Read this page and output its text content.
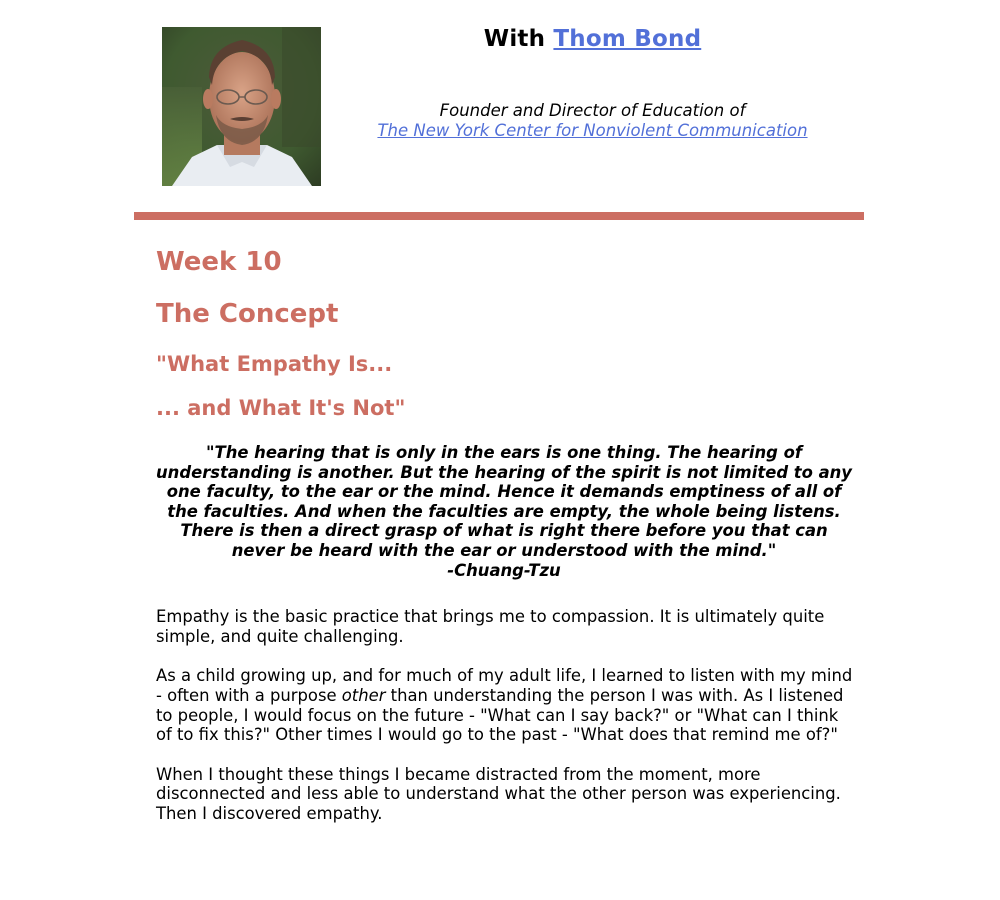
With Thom Bond
Founder and Director of Education of
The New York Center for Nonviolent Communication
Week 10
The Concept
"What Empathy Is...
... and What It's Not"
"The hearing that is only in the ears is one thing. The hearing of understanding is another. But the hearing of the spirit is not limited to any one faculty, to the ear or the mind. Hence it demands emptiness of all of the faculties. And when the faculties are empty, the whole being listens. There is then a direct grasp of what is right there before you that can never be heard with the ear or understood with the mind."
-Chuang-Tzu

Empathy is the basic practice that brings me to compassion. It is ultimately quite simple, and quite challenging.

As a child growing up, and for much of my adult life, I learned to listen with my mind - often with a purpose other than understanding the person I was with. As I listened to people, I would focus on the future - "What can I say back?" or "What can I think of to fix this?" Other times I would go to the past - "What does that remind me of?"

When I thought these things I became distracted from the moment, more disconnected and less able to understand what the other person was experiencing. Then I discovered empathy.
